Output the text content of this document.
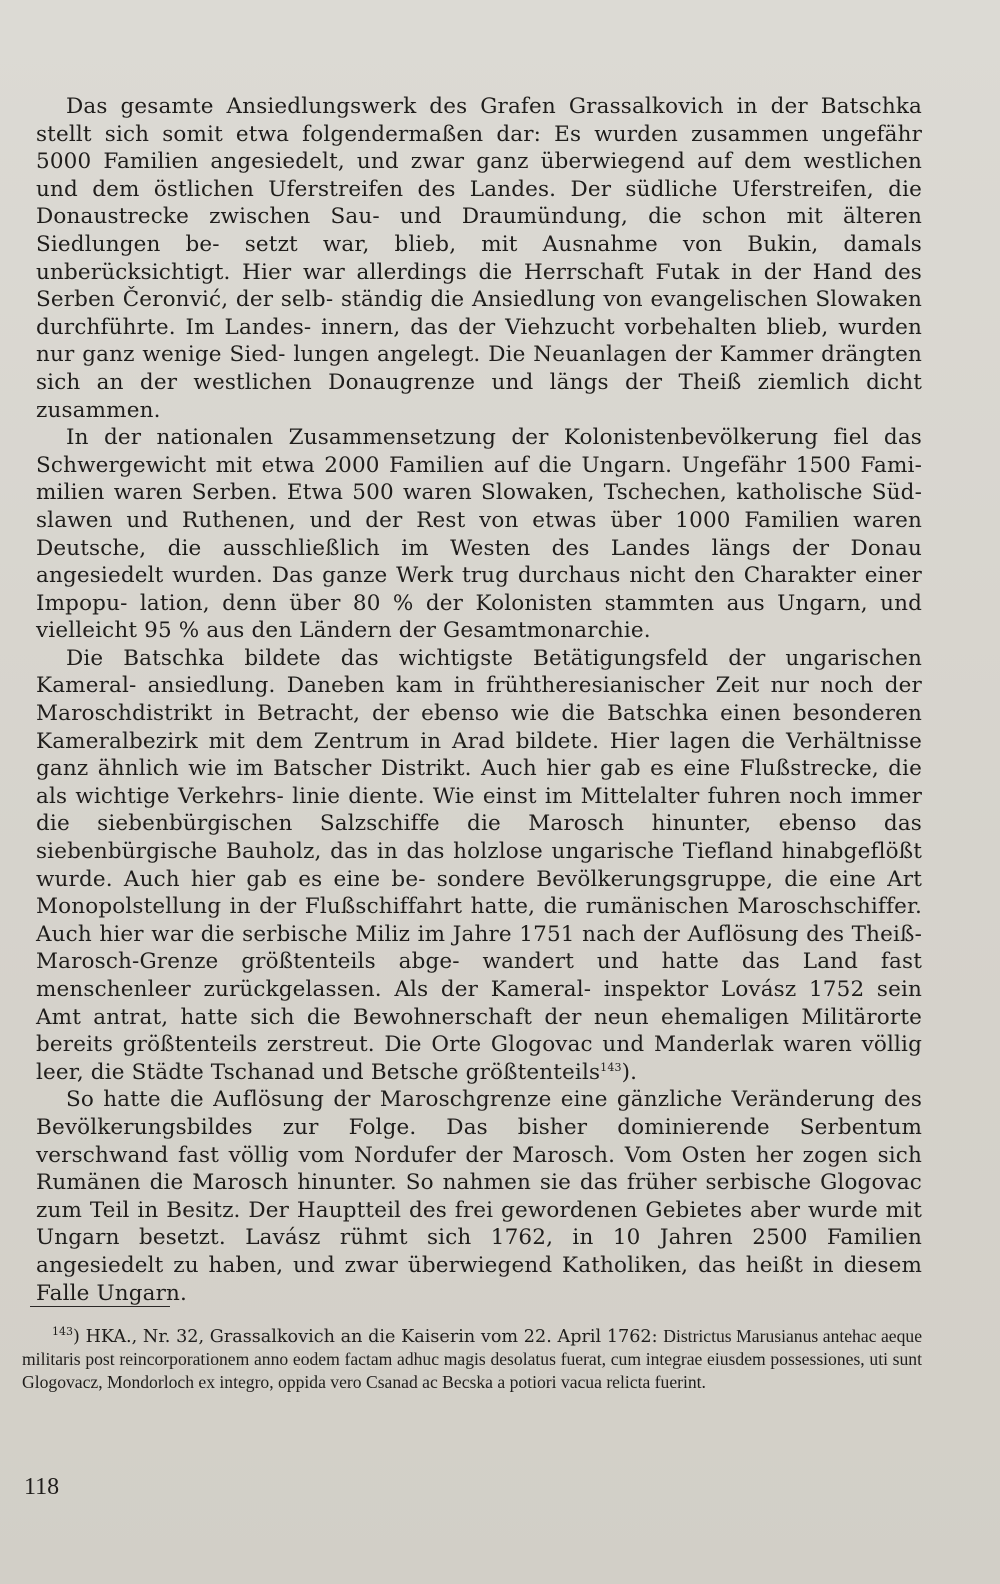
Das gesamte Ansiedlungswerk des Grafen Grassalkovich in der Batschka stellt sich somit etwa folgendermaßen dar: Es wurden zusammen ungefähr 5000 Familien angesiedelt, und zwar ganz überwiegend auf dem westlichen und dem östlichen Uferstreifen des Landes. Der südliche Uferstreifen, die Donaustrecke zwischen Sau- und Draumündung, die schon mit älteren Siedlungen be- setzt war, blieb, mit Ausnahme von Bukin, damals unberücksichtigt. Hier war allerdings die Herrschaft Futak in der Hand des Serben Čeronvić, der selb- ständig die Ansiedlung von evangelischen Slowaken durchführte. Im Landes- innern, das der Viehzucht vorbehalten blieb, wurden nur ganz wenige Sied- lungen angelegt. Die Neuanlagen der Kammer drängten sich an der westlichen Donaugrenze und längs der Theiß ziemlich dicht zusammen.

In der nationalen Zusammensetzung der Kolonistenbevölkerung fiel das Schwergewicht mit etwa 2000 Familien auf die Ungarn. Ungefähr 1500 Fami- milien waren Serben. Etwa 500 waren Slowaken, Tschechen, katholische Süd- slawen und Ruthenen, und der Rest von etwas über 1000 Familien waren Deutsche, die ausschließlich im Westen des Landes längs der Donau angesiedelt wurden. Das ganze Werk trug durchaus nicht den Charakter einer Impopu- lation, denn über 80 % der Kolonisten stammten aus Ungarn, und vielleicht 95 % aus den Ländern der Gesamtmonarchie.

Die Batschka bildete das wichtigste Betätigungsfeld der ungarischen Kameral- ansiedlung. Daneben kam in frühtheresianischer Zeit nur noch der Maroschdistrikt in Betracht, der ebenso wie die Batschka einen besonderen Kameralbezirk mit dem Zentrum in Arad bildete. Hier lagen die Verhältnisse ganz ähnlich wie im Batscher Distrikt. Auch hier gab es eine Flußstrecke, die als wichtige Verkehrs- linie diente. Wie einst im Mittelalter fuhren noch immer die siebenbürgischen Salzschiffe die Marosch hinunter, ebenso das siebenbürgische Bauholz, das in das holzlose ungarische Tiefland hinabgeflößt wurde. Auch hier gab es eine be- sondere Bevölkerungsgruppe, die eine Art Monopolstellung in der Flußschiffahrt hatte, die rumänischen Maroschschiffer. Auch hier war die serbische Miliz im Jahre 1751 nach der Auflösung des Theiß-Marosch-Grenze größtenteils abge- wandert und hatte das Land fast menschenleer zurückgelassen. Als der Kameral- inspektor Lovász 1752 sein Amt antrat, hatte sich die Bewohnerschaft der neun ehemaligen Militärorte bereits größtenteils zerstreut. Die Orte Glogovac und Manderlak waren völlig leer, die Städte Tschanad und Betsche größtenteils$^{143}$).

So hatte die Auflösung der Maroschgrenze eine gänzliche Veränderung des Bevölkerungsbildes zur Folge. Das bisher dominierende Serbentum verschwand fast völlig vom Nordufer der Marosch. Vom Osten her zogen sich Rumänen die Marosch hinunter. So nahmen sie das früher serbische Glogovac zum Teil in Besitz. Der Hauptteil des frei gewordenen Gebietes aber wurde mit Ungarn besetzt. Lavász rühmt sich 1762, in 10 Jahren 2500 Familien angesiedelt zu haben, und zwar überwiegend Katholiken, das heißt in diesem Falle Ungarn.

$^{143}$) HKA., Nr. 32, Grassalkovich an die Kaiserin vom 22. April 1762: Districtus Marusianus antehac aeque militaris post reincorporationem anno eodem factam adhuc magis desolatus fuerat, cum integrae eiusdem possessiones, uti sunt Glogovacz, Mondorloch ex integro, oppida vero Csanad ac Becska a potiori vacua relicta fuerint.

118
